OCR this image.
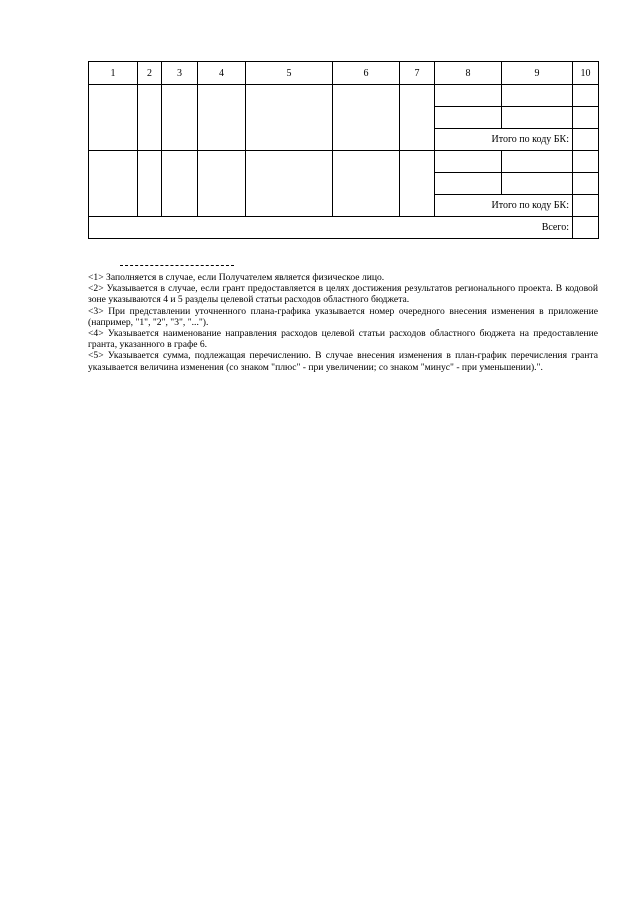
1	2	3	4	5	6	7	8	9	10

							Итого по коду БК:		

							Итого по коду БК:		
Всего:									

<1> Заполняется в случае, если Получателем является физическое лицо.

<2> Указывается в случае, если грант предоставляется в целях достижения результатов регионального проекта. В кодовой зоне указываются 4 и 5 разделы целевой статьи расходов областного бюджета.

<3> При представлении уточненного плана-графика указывается номер очередного внесения изменения в приложение (например, "1", "2", "3", "...").

<4> Указывается наименование направления расходов целевой статьи расходов областного бюджета на предоставление гранта, указанного в графе 6.

<5> Указывается сумма, подлежащая перечислению. В случае внесения изменения в план-график перечисления гранта указывается величина изменения (со знаком "плюс" - при увеличении; со знаком "минус" - при уменьшении).".
